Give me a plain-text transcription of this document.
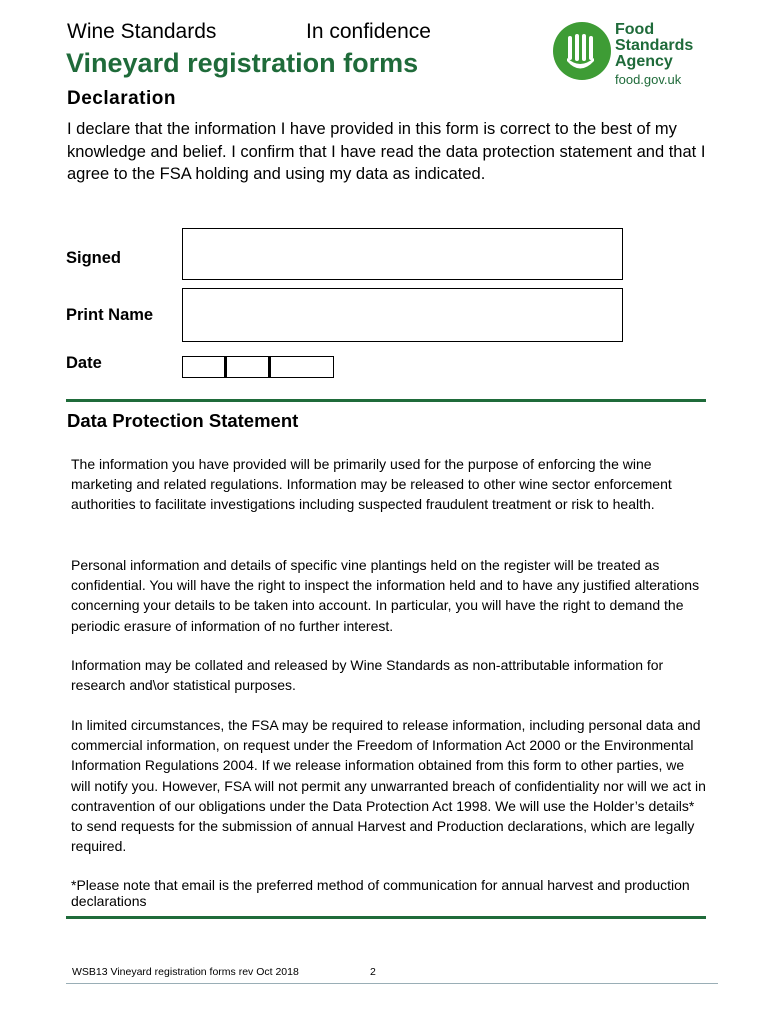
Wine Standards	In confidence
Vineyard registration forms
Food
Standards
Agency
food.gov.uk
Declaration
I declare that the information I have provided in this form is correct to the best of my knowledge and belief. I confirm that I have read the data protection statement and that I agree to the FSA holding and using my data as indicated.
Signed
Print Name
Date
Data Protection Statement
The information you have provided will be primarily used for the purpose of enforcing the wine marketing and related regulations. Information may be released to other wine sector enforcement authorities to facilitate investigations including suspected fraudulent treatment or risk to health.
Personal information and details of specific vine plantings held on the register will be treated as confidential. You will have the right to inspect the information held and to have any justified alterations concerning your details to be taken into account. In particular, you will have the right to demand the periodic erasure of information of no further interest.
Information may be collated and released by Wine Standards as non-attributable information for research and\or statistical purposes.
In limited circumstances, the FSA may be required to release information, including personal data and commercial information, on request under the Freedom of Information Act 2000 or the Environmental Information Regulations 2004. If we release information obtained from this form to other parties, we will notify you. However, FSA will not permit any unwarranted breach of confidentiality nor will we act in contravention of our obligations under the Data Protection Act 1998. We will use the Holder’s details* to send requests for the submission of annual Harvest and Production declarations, which are legally required.
*Please note that email is the preferred method of communication for annual harvest and production declarations
WSB13 Vineyard registration forms rev Oct 2018	2
